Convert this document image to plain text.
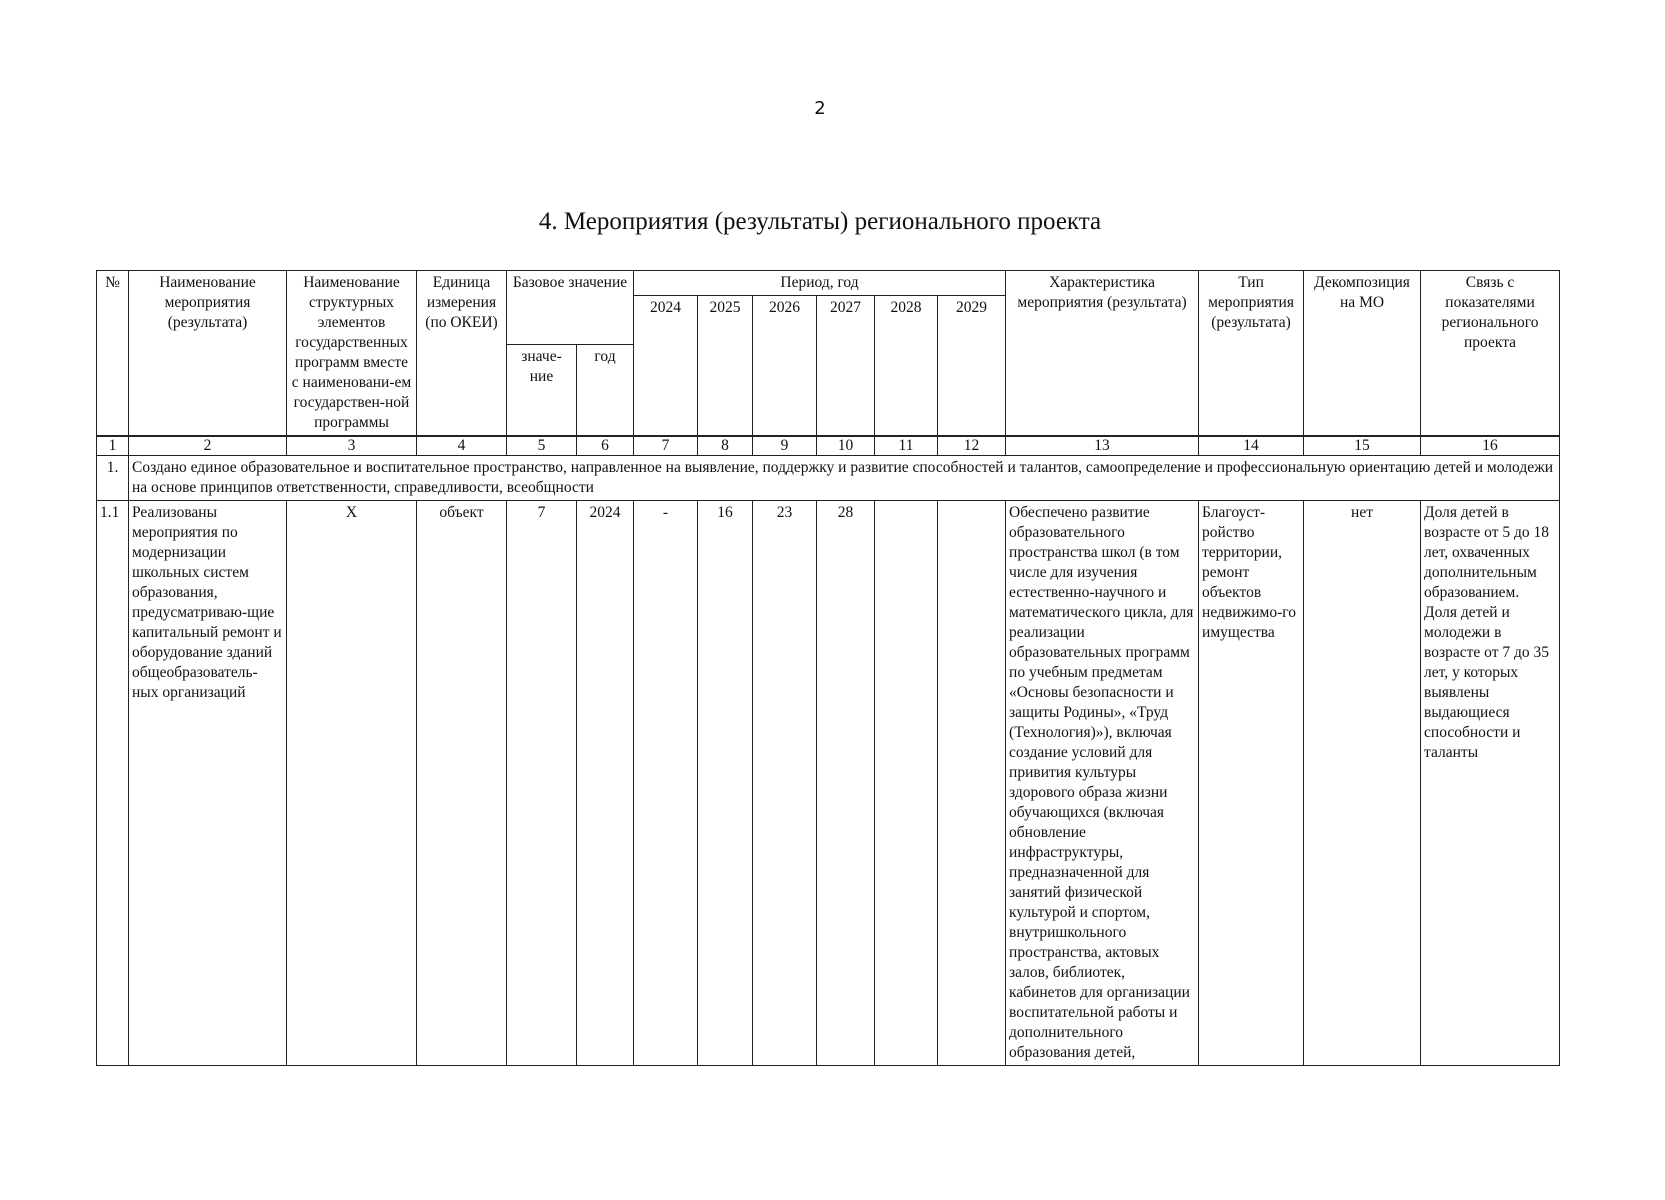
2
4. Мероприятия (результаты) регионального проекта
№	Наименование мероприятия (результата)	Наименование структурных элементов государственных программ вместе с наименовани-ем государствен-ной программы	Единица измерения (по ОКЕИ)	Базовое значение		Период, год						Характеристика мероприятия (результата)	Тип мероприятия (результата)	Декомпозиция на МО	Связь с показателями регионального проекта
						2024	2025	2026	2027	2028	2029				
				значе-ние	год										
1	2	3	4	5	6	7	8	9	10	11	12	13	14	15	16
1.	Создано единое образовательное и воспитательное пространство, направленное на выявление, поддержку и развитие способностей и талантов, самоопределение и профессиональную ориентацию детей и молодежи на основе принципов ответственности, справедливости, всеобщности														
1.1	Реализованы мероприятия по модернизации школьных систем образования, предусматриваю-щие капитальный ремонт и оборудование зданий общеобразователь-ных организаций	X	объект	7	2024	-	16	23	28			Обеспечено развитие образовательного пространства школ (в том числе для изучения естественно-научного и математического цикла, для реализации образовательных программ по учебным предметам «Основы безопасности и защиты Родины», «Труд (Технология)»), включая создание условий для привития культуры здорового образа жизни обучающихся (включая обновление инфраструктуры, предназначенной для занятий физической культурой и спортом, внутришкольного пространства, актовых залов, библиотек, кабинетов для организации воспитательной работы и дополнительного образования детей,	Благоуст-ройство территории, ремонт объектов недвижимо-го имущества	нет	Доля детей в возрасте от 5 до 18 лет, охваченных дополнительным образованием. Доля детей и молодежи в возрасте от 7 до 35 лет, у которых выявлены выдающиеся способности и таланты
